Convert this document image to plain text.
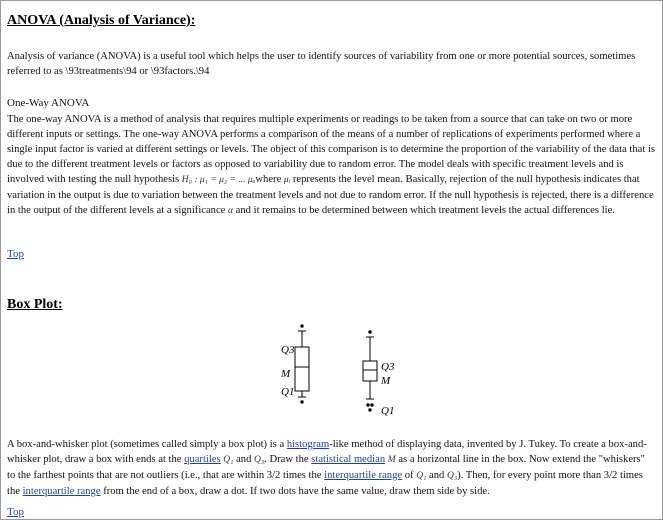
ANOVA (Analysis of Variance):

Analysis of variance (ANOVA) is a useful tool which helps the user to identify sources of variability from one or more potential sources, sometimes referred to as \93treatments\94 or \93factors.\94

One-Way ANOVA

The one-way ANOVA is a method of analysis that requires multiple experiments or readings to be taken from a source that can take on two or more different inputs or settings. The one-way ANOVA performs a comparison of the means of a number of replications of experiments performed where a single input factor is varied at different settings or levels. The object of this comparison is to determine the proportion of the variability of the data that is due to the different treatment levels or factors as opposed to variability due to random error. The model deals with specific treatment levels and is involved with testing the null hypothesis H₀ : μ₁ = μ₂ = ... μₐwhere μᵢ represents the level mean. Basically, rejection of the null hypothesis indicates that variation in the output is due to variation between the treatment levels and not due to random error. If the null hypothesis is rejected, there is a difference in the output of the different levels at a significance α and it remains to be determined between which treatment levels the actual differences lie.

Top
Box Plot:
Q3
M
Q1
Q3
M
Q1

A box-and-whisker plot (sometimes called simply a box plot) is a histogram-like method of displaying data, invented by J. Tukey. To create a box-and-whisker plot, draw a box with ends at the quartiles Q₁ and Q₃. Draw the statistical median M as a horizontal line in the box. Now extend the "whiskers" to the farthest points that are not outliers (i.e., that are within 3/2 times the interquartile range of Q₁ and Q₃). Then, for every point more than 3/2 times the interquartile range from the end of a box, draw a dot. If two dots have the same value, draw them side by side.

Top
